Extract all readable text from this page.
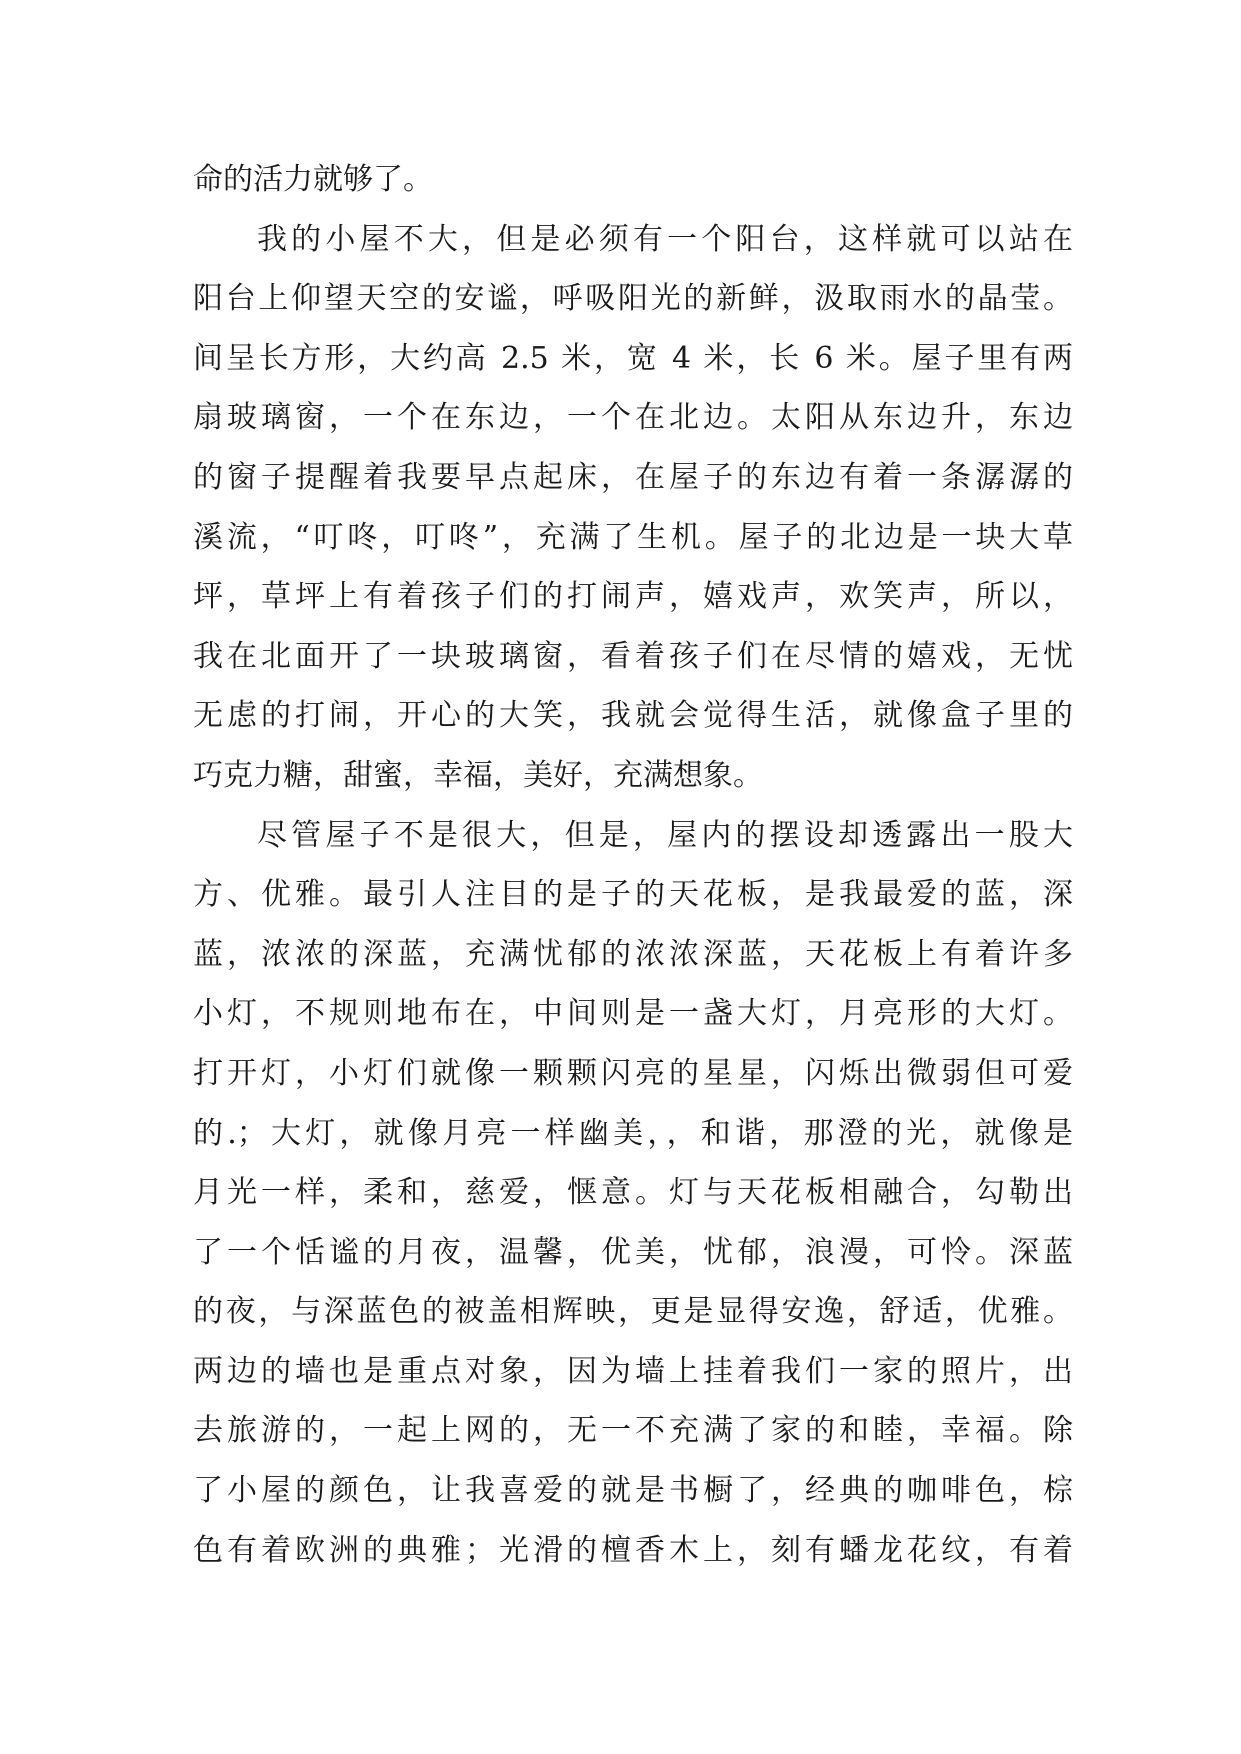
命的活力就够了。
我的小屋不大，但是必须有一个阳台，这样就可以站在
阳台上仰望天空的安谧，呼吸阳光的新鲜，汲取雨水的晶莹。
间呈长方形，大约高 2.5 米，宽 4 米，长 6 米。屋子里有两
扇玻璃窗，一个在东边，一个在北边。太阳从东边升，东边
的窗子提醒着我要早点起床，在屋子的东边有着一条潺潺的
溪流，“叮咚，叮咚”，充满了生机。屋子的北边是一块大草
坪，草坪上有着孩子们的打闹声，嬉戏声，欢笑声，所以，
我在北面开了一块玻璃窗，看着孩子们在尽情的嬉戏，无忧
无虑的打闹，开心的大笑，我就会觉得生活，就像盒子里的
巧克力糖，甜蜜，幸福，美好，充满想象。
尽管屋子不是很大，但是，屋内的摆设却透露出一股大
方、优雅。最引人注目的是子的天花板，是我最爱的蓝，深
蓝，浓浓的深蓝，充满忧郁的浓浓深蓝，天花板上有着许多
小灯，不规则地布在，中间则是一盏大灯，月亮形的大灯。
打开灯，小灯们就像一颗颗闪亮的星星，闪烁出微弱但可爱
的.；大灯，就像月亮一样幽美，，和谐，那澄的光，就像是
月光一样，柔和，慈爱，惬意。灯与天花板相融合，勾勒出
了一个恬谧的月夜，温馨，优美，忧郁，浪漫，可怜。深蓝
的夜，与深蓝色的被盖相辉映，更是显得安逸，舒适，优雅。
两边的墙也是重点对象，因为墙上挂着我们一家的照片，出
去旅游的，一起上网的，无一不充满了家的和睦，幸福。除
了小屋的颜色，让我喜爱的就是书橱了，经典的咖啡色，棕
色有着欧洲的典雅；光滑的檀香木上，刻有蟠龙花纹，有着
